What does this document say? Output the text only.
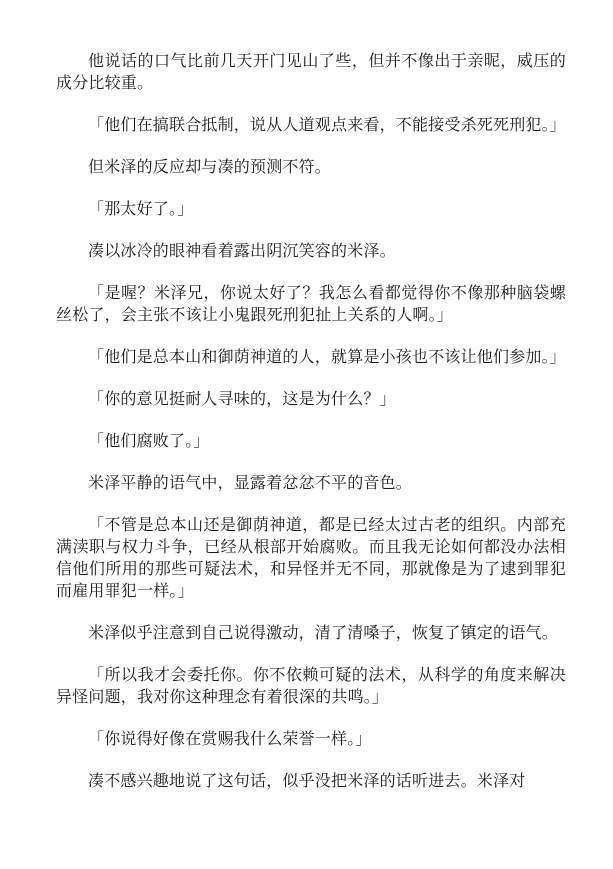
他说话的口气比前几天开门见山了些，但并不像出于亲昵，威压的成分比较重。

「他们在搞联合抵制，说从人道观点来看，不能接受杀死死刑犯。」

但米泽的反应却与凑的预测不符。

「那太好了。」

凑以冰冷的眼神看着露出阴沉笑容的米泽。

「是喔？米泽兄，你说太好了？我怎么看都觉得你不像那种脑袋螺丝松了，会主张不该让小鬼跟死刑犯扯上关系的人啊。」

「他们是总本山和御荫神道的人，就算是小孩也不该让他们参加。」

「你的意见挺耐人寻味的，这是为什么？」

「他们腐败了。」

米泽平静的语气中，显露着忿忿不平的音色。

「不管是总本山还是御荫神道，都是已经太过古老的组织。内部充满渎职与权力斗争，已经从根部开始腐败。而且我无论如何都没办法相信他们所用的那些可疑法术，和异怪并无不同，那就像是为了逮到罪犯而雇用罪犯一样。」

米泽似乎注意到自己说得激动，清了清嗓子，恢复了镇定的语气。

「所以我才会委托你。你不依赖可疑的法术，从科学的角度来解决异怪问题，我对你这种理念有着很深的共鸣。」

「你说得好像在赏赐我什么荣誉一样。」

凑不感兴趣地说了这句话，似乎没把米泽的话听进去。米泽对
